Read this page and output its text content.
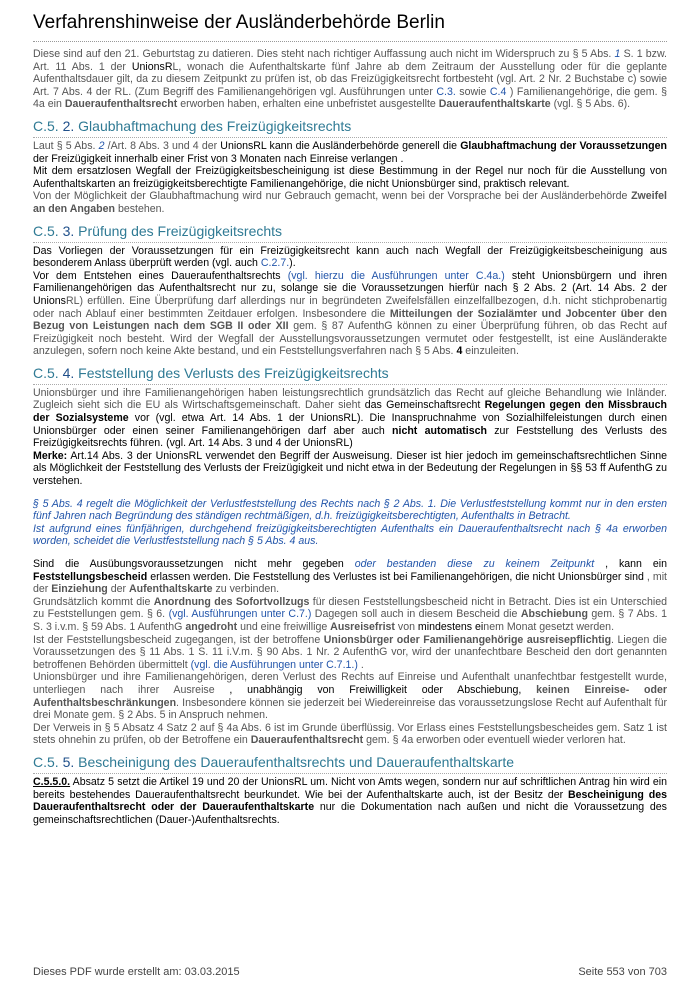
Verfahrenshinweise der Ausländerbehörde Berlin

Diese sind auf den 21. Geburtstag zu datieren. Dies steht nach richtiger Auffassung auch nicht im Widerspruch zu § 5 Abs. 1 S. 1 bzw. Art. 11 Abs. 1 der UnionsRL, wonach die Aufenthaltskarte fünf Jahre ab dem Zeitraum der Ausstellung oder für die geplante Aufenthaltsdauer gilt, da zu diesem Zeitpunkt zu prüfen ist, ob das Freizügigkeitsrecht fortbesteht (vgl. Art. 2 Nr. 2 Buchstabe c) sowie Art. 7 Abs. 4 der RL. (Zum Begriff des Familienangehörigen vgl. Ausführungen unter C.3. sowie C.4 ) Familienangehörige, die gem. § 4a ein Daueraufenthaltsrecht erworben haben, erhalten eine unbefristet ausgestellte Daueraufenthaltskarte (vgl. § 5 Abs. 6).

C.5. 2. Glaubhaftmachung des Freizügigkeitsrechts

Laut § 5 Abs. 2 /Art. 8 Abs. 3 und 4 der UnionsRL kann die Ausländerbehörde generell die Glaubhaftmachung der Voraussetzungen der Freizügigkeit innerhalb einer Frist von 3 Monaten nach Einreise verlangen .

Mit dem ersatzlosen Wegfall der Freizügigkeitsbescheinigung ist diese Bestimmung in der Regel nur noch für die Ausstellung von Aufenthaltskarten an freizügigkeitsberechtigte Familienangehörige, die nicht Unionsbürger sind, praktisch relevant.

Von der Möglichkeit der Glaubhaftmachung wird nur Gebrauch gemacht, wenn bei der Vorsprache bei der Ausländerbehörde Zweifel an den Angaben bestehen.

C.5. 3. Prüfung des Freizügigkeitsrechts

Das Vorliegen der Voraussetzungen für ein Freizügigkeitsrecht kann auch nach Wegfall der Freizügigkeitsbescheinigung aus besonderem Anlass überprüft werden (vgl. auch C.2.7.).

Vor dem Entstehen eines Daueraufenthaltsrechts (vgl. hierzu die Ausführungen unter C.4a.) steht Unionsbürgern und ihren Familienangehörigen das Aufenthaltsrecht nur zu, solange sie die Voraussetzungen hierfür nach § 2 Abs. 2 (Art. 14 Abs. 2 der UnionsRL) erfüllen. Eine Überprüfung darf allerdings nur in begründeten Zweifelsfällen einzelfallbezogen, d.h. nicht stichprobenartig oder nach Ablauf einer bestimmten Zeitdauer erfolgen. Insbesondere die Mitteilungen der Sozialämter und Jobcenter über den Bezug von Leistungen nach dem SGB II oder XII gem. § 87 AufenthG können zu einer Überprüfung führen, ob das Recht auf Freizügigkeit noch besteht. Wird der Wegfall der Ausstellungsvoraussetzungen vermutet oder festgestellt, ist eine Ausländerakte anzulegen, sofern noch keine Akte bestand, und ein Feststellungsverfahren nach § 5 Abs. 4 einzuleiten.

C.5. 4. Feststellung des Verlusts des Freizügigkeitsrechts

Unionsbürger und ihre Familienangehörigen haben leistungsrechtlich grundsätzlich das Recht auf gleiche Behandlung wie Inländer. Zugleich sieht sich die EU als Wirtschaftsgemeinschaft. Daher sieht das Gemeinschaftsrecht Regelungen gegen den Missbrauch der Sozialsysteme vor (vgl. etwa Art. 14 Abs. 1 der UnionsRL). Die Inanspruchnahme von Sozialhilfeleistungen durch einen Unionsbürger oder einen seiner Familienangehörigen darf aber auch nicht automatisch zur Feststellung des Verlusts des Freizügigkeitsrechts führen. (vgl. Art. 14 Abs. 3 und 4 der UnionsRL)

Merke: Art.14 Abs. 3 der UnionsRL verwendet den Begriff der Ausweisung. Dieser ist hier jedoch im gemeinschaftsrechtlichen Sinne als Möglichkeit der Feststellung des Verlusts der Freizügigkeit und nicht etwa in der Bedeutung der Regelungen in §§ 53 ff AufenthG zu verstehen.

§ 5 Abs. 4 regelt die Möglichkeit der Verlustfeststellung des Rechts nach § 2 Abs. 1. Die Verlustfeststellung kommt nur in den ersten fünf Jahren nach Begründung des ständigen rechtmäßigen, d.h. freizügigkeitsberechtigten, Aufenthalts in Betracht.

Ist aufgrund eines fünfjährigen, durchgehend freizügigkeitsberechtigten Aufenthalts ein Daueraufenthaltsrecht nach § 4a erworben worden, scheidet die Verlustfeststellung nach § 5 Abs. 4 aus.

Sind die Ausübungsvoraussetzungen nicht mehr gegeben oder bestanden diese zu keinem Zeitpunkt , kann ein Feststellungsbescheid erlassen werden. Die Feststellung des Verlustes ist bei Familienangehörigen, die nicht Unionsbürger sind , mit der Einziehung der Aufenthaltskarte zu verbinden.

Grundsätzlich kommt die Anordnung des Sofortvollzugs für diesen Feststellungsbescheid nicht in Betracht. Dies ist ein Unterschied zu Feststellungen gem. § 6. (vgl. Ausführungen unter C.7.) Dagegen soll auch in diesem Bescheid die Abschiebung gem. § 7 Abs. 1 S. 3 i.v.m. § 59 Abs. 1 AufenthG angedroht und eine freiwillige Ausreisefrist von mindestens einem Monat gesetzt werden.

Ist der Feststellungsbescheid zugegangen, ist der betroffene Unionsbürger oder Familienangehörige ausreisepflichtig. Liegen die Voraussetzungen des § 11 Abs. 1 S. 11 i.V.m. § 90 Abs. 1 Nr. 2 AufenthG vor, wird der unanfechtbare Bescheid den dort genannten betroffenen Behörden übermittelt (vgl. die Ausführungen unter C.7.1.) .

Unionsbürger und ihre Familienangehörigen, deren Verlust des Rechts auf Einreise und Aufenthalt unanfechtbar festgestellt wurde, unterliegen nach ihrer Ausreise , unabhängig von Freiwilligkeit oder Abschiebung, keinen Einreise- oder Aufenthaltsbeschränkungen. Insbesondere können sie jederzeit bei Wiedereinreise das voraussetzungslose Recht auf Aufenthalt für drei Monate gem. § 2 Abs. 5 in Anspruch nehmen.

Der Verweis in § 5 Absatz 4 Satz 2 auf § 4a Abs. 6 ist im Grunde überflüssig. Vor Erlass eines Feststellungsbescheides gem. Satz 1 ist stets ohnehin zu prüfen, ob der Betroffene ein Daueraufenthaltsrecht gem. § 4a erworben oder eventuell wieder verloren hat.

C.5. 5. Bescheinigung des Daueraufenthaltsrechts und Daueraufenthaltskarte

C.5.5.0. Absatz 5 setzt die Artikel 19 und 20 der UnionsRL um. Nicht von Amts wegen, sondern nur auf schriftlichen Antrag hin wird ein bereits bestehendes Daueraufenthaltsrecht beurkundet. Wie bei der Aufenthaltskarte auch, ist der Besitz der Bescheinigung des Daueraufenthaltsrecht oder der Daueraufenthaltskarte nur die Dokumentation nach außen und nicht die Voraussetzung des gemeinschaftsrechtlichen (Dauer-)Aufenthaltsrechts.

Dieses PDF wurde erstellt am: 03.03.2015	Seite 553 von 703
